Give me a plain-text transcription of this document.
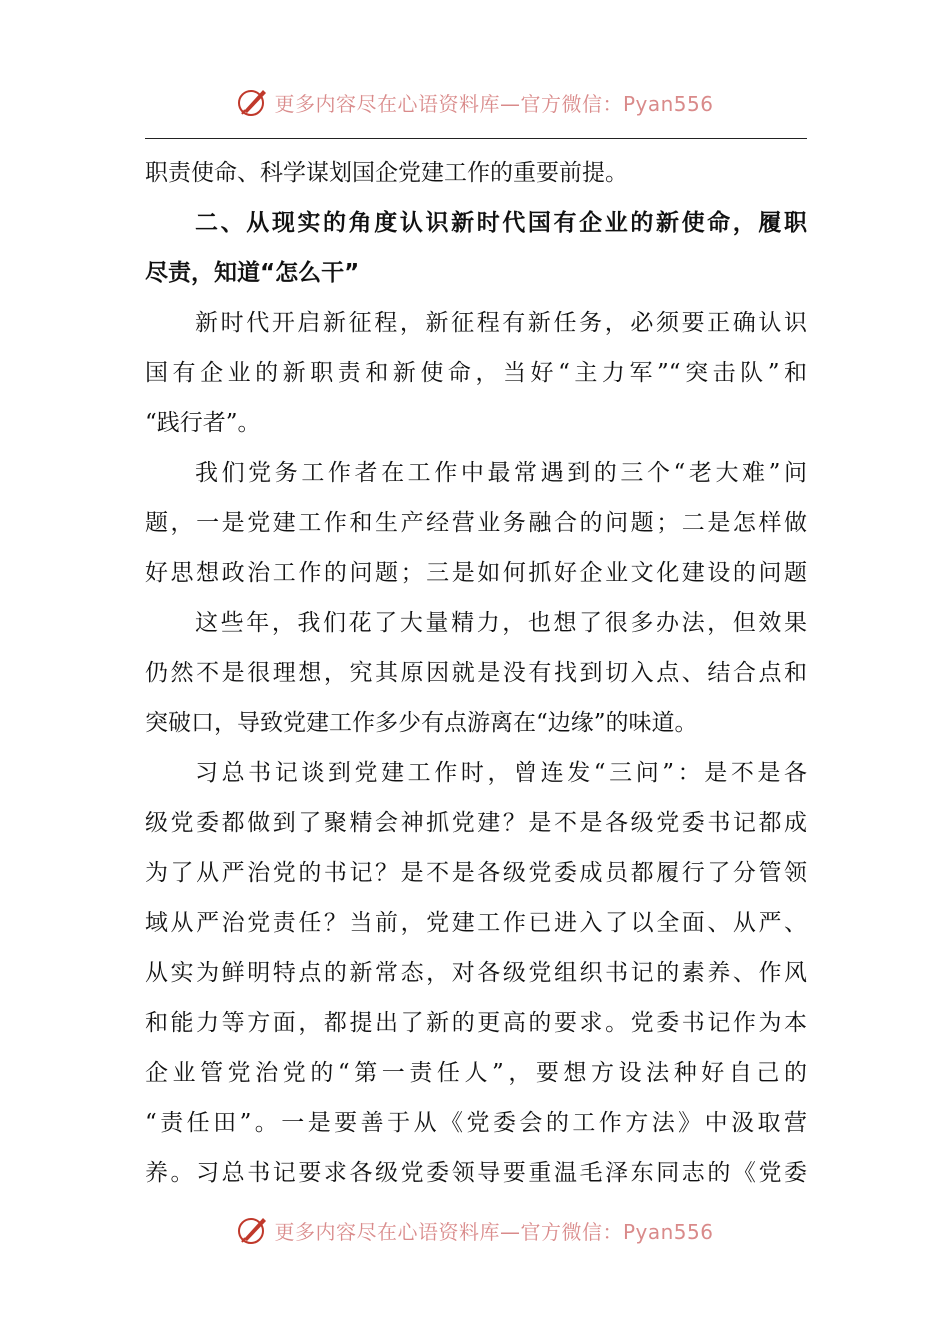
更多内容尽在心语资料库—官方微信：Pyan556
职责使命、科学谋划国企党建工作的重要前提。
二、从现实的角度认识新时代国有企业的新使命，履职
尽责，知道“怎么干”
新时代开启新征程，新征程有新任务，必须要正确认识
国有企业的新职责和新使命，当好“主力军”“突击队”和
“践行者”。
我们党务工作者在工作中最常遇到的三个“老大难”问
题，一是党建工作和生产经营业务融合的问题；二是怎样做
好思想政治工作的问题；三是如何抓好企业文化建设的问题
这些年，我们花了大量精力，也想了很多办法，但效果
仍然不是很理想，究其原因就是没有找到切入点、结合点和
突破口，导致党建工作多少有点游离在“边缘”的味道。
习总书记谈到党建工作时，曾连发“三问”：是不是各
级党委都做到了聚精会神抓党建？是不是各级党委书记都成
为了从严治党的书记？是不是各级党委成员都履行了分管领
域从严治党责任？当前，党建工作已进入了以全面、从严、
从实为鲜明特点的新常态，对各级党组织书记的素养、作风
和能力等方面，都提出了新的更高的要求。党委书记作为本
企业管党治党的“第一责任人”，要想方设法种好自己的
“责任田”。一是要善于从《党委会的工作方法》中汲取营
养。习总书记要求各级党委领导要重温毛泽东同志的《党委
更多内容尽在心语资料库—官方微信：Pyan556
